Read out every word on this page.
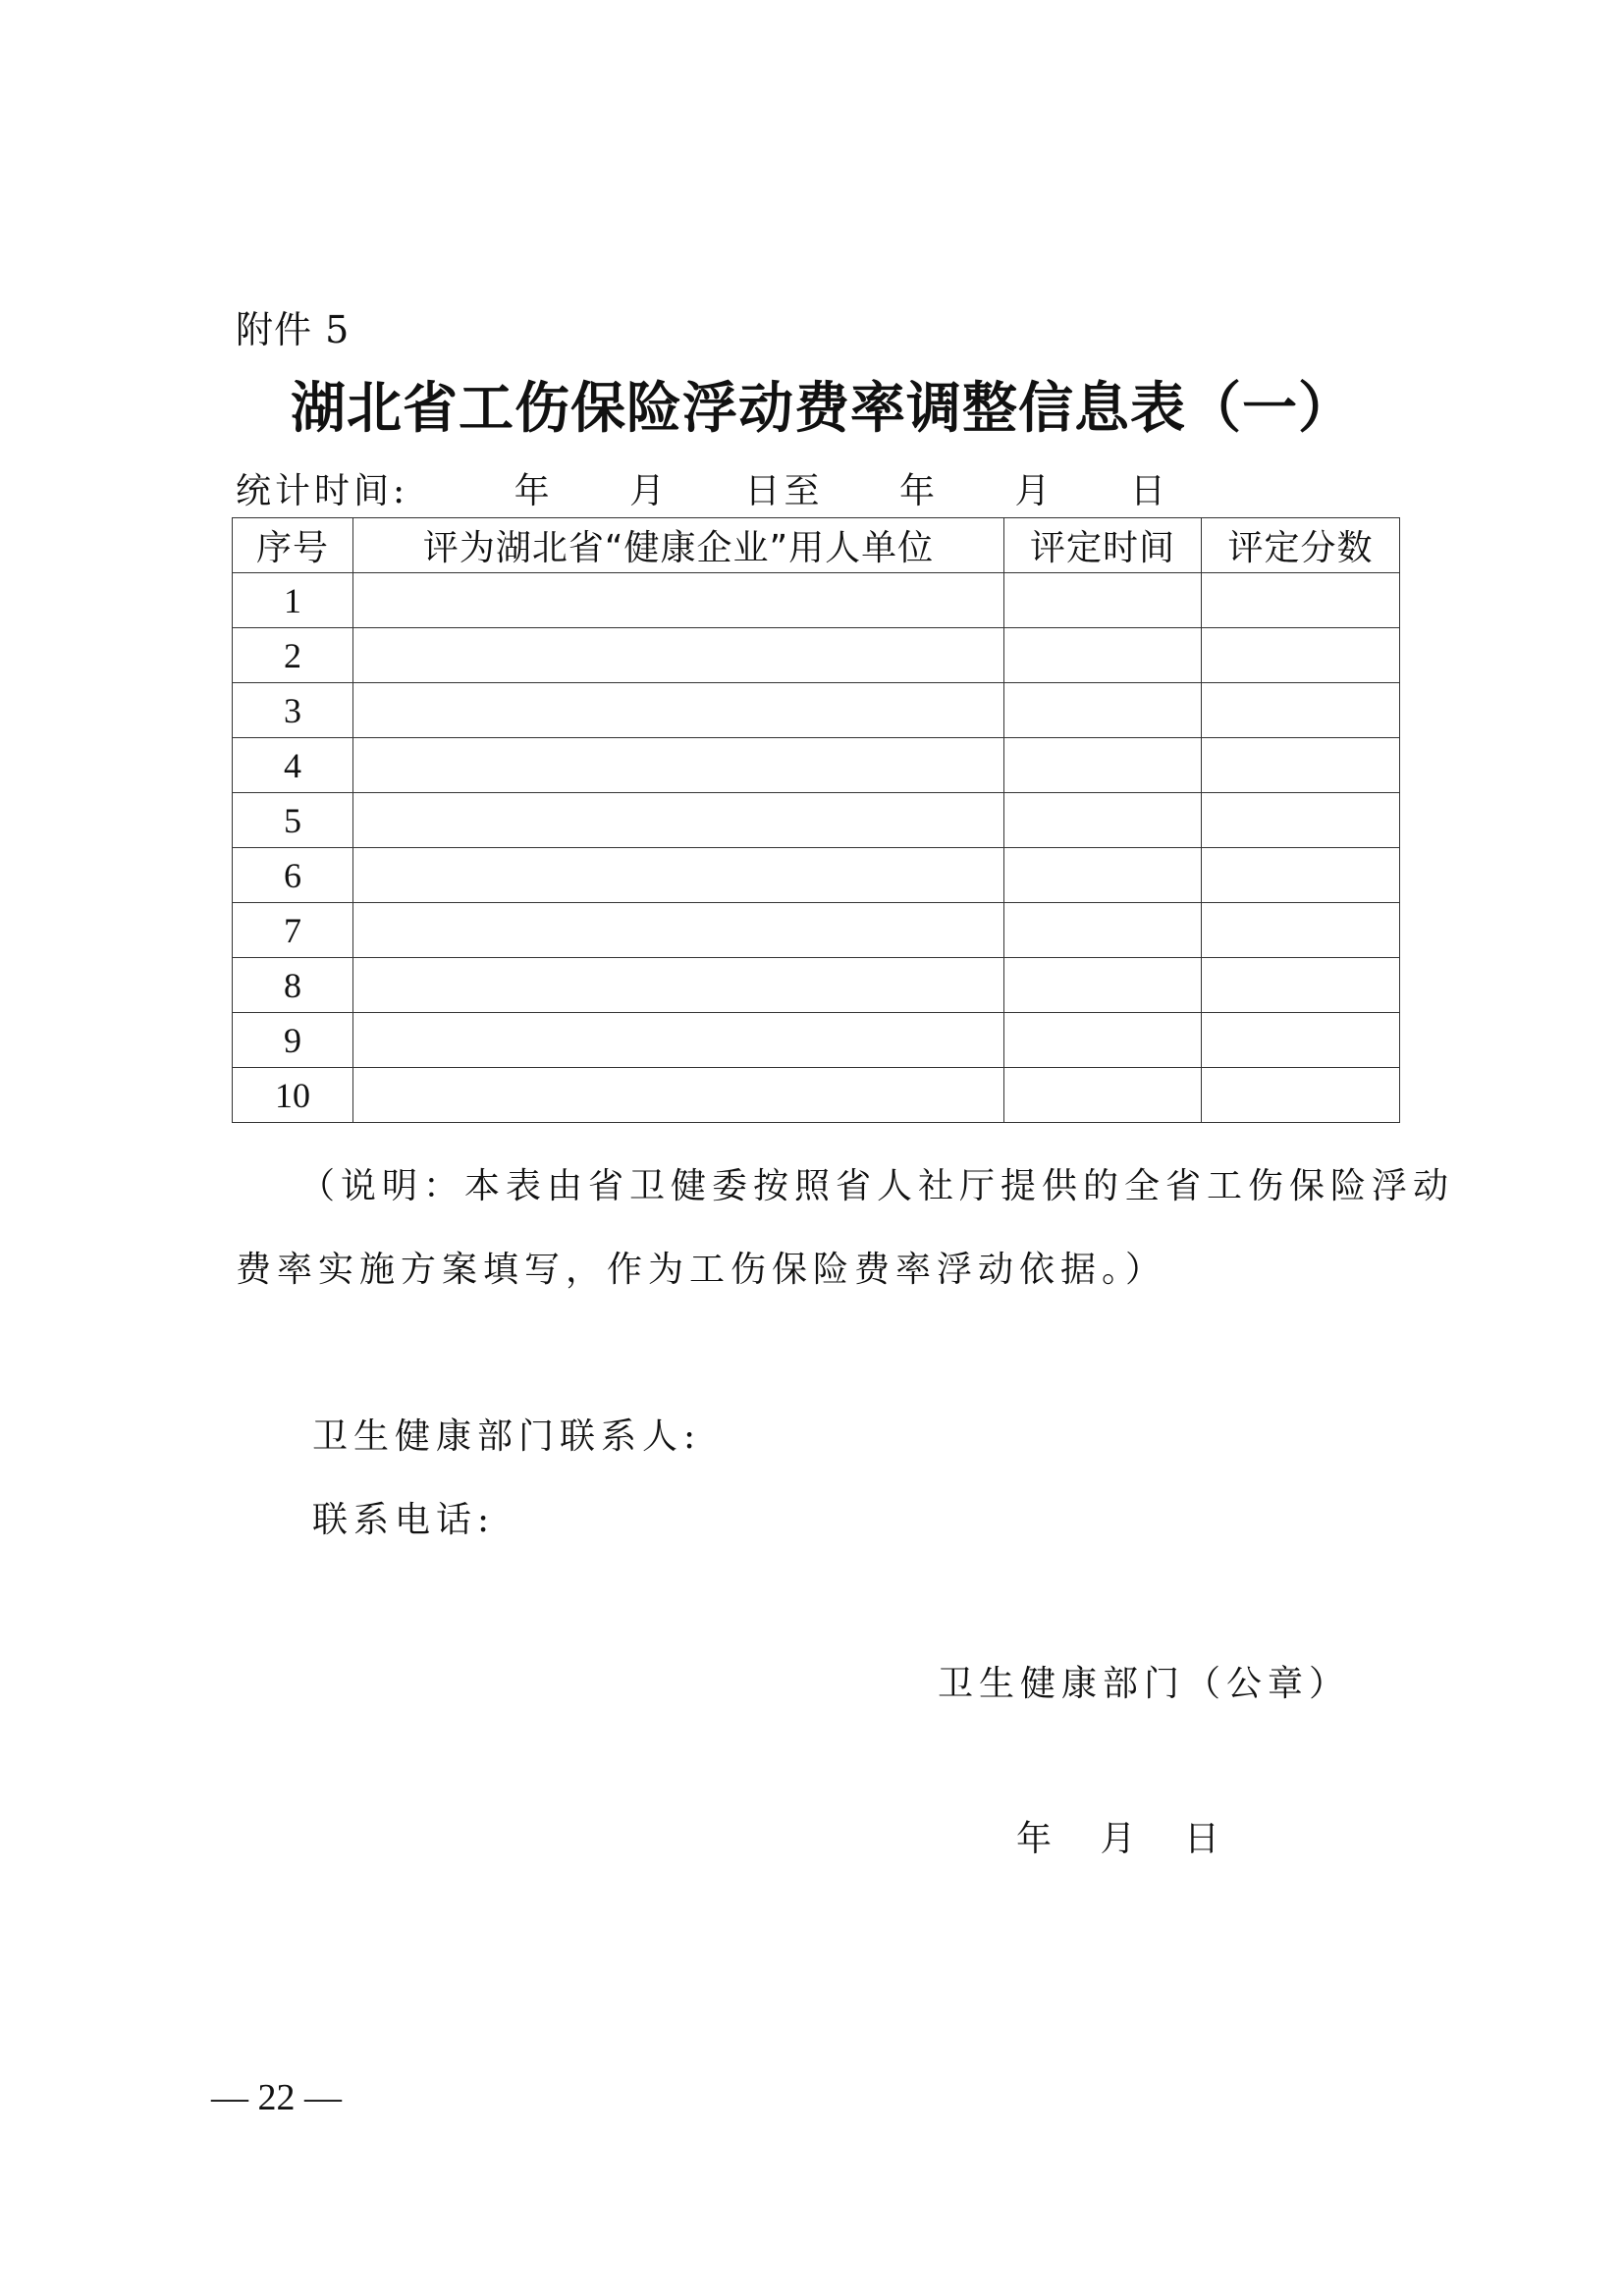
附件 5
湖北省工伤保险浮动费率调整信息表（一）
统计时间:	年 月 日至 年 月 日
序号	评为湖北省“健康企业”用人单位	评定时间	评定分数
1			
2			
3			
4			
5			
6			
7			
8			
9			
10			
（说明：本表由省卫健委按照省人社厅提供的全省工伤保险浮动
费率实施方案填写，作为工伤保险费率浮动依据。）
卫生健康部门联系人:
联系电话:
卫生健康部门（公章）
年 月 日
— 22 —
